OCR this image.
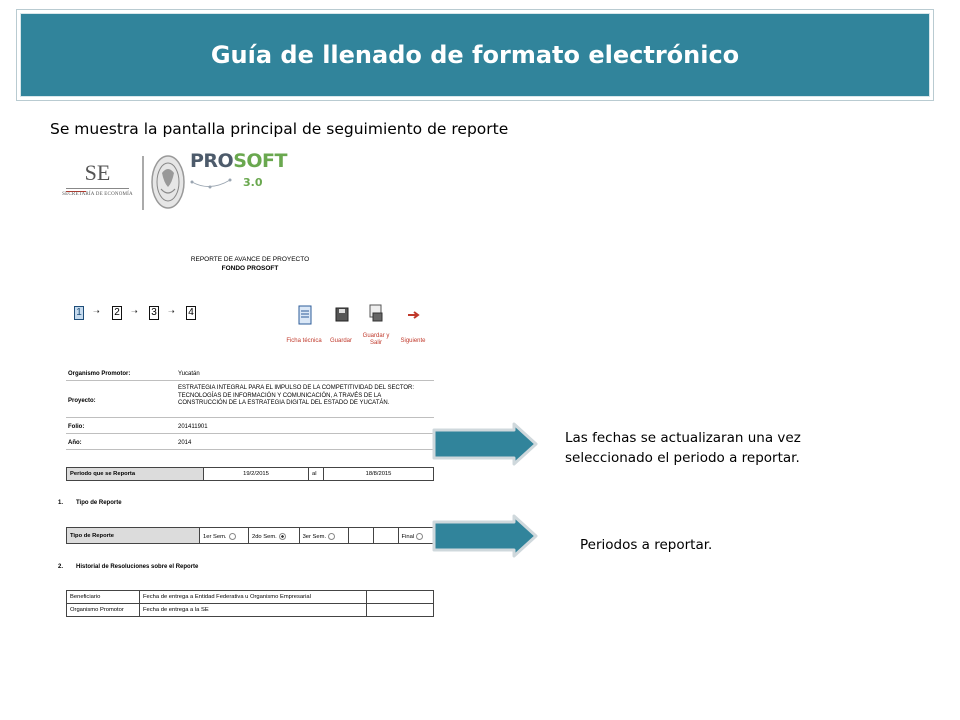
Guía de llenado de formato electrónico
Se muestra la pantalla principal de seguimiento de reporte
SE
SECRETARÍA DE ECONOMÍA
PROSOFT
3.0
REPORTE DE AVANCE DE PROYECTO
FONDO PROSOFT
1 ➝ 2 ➝ 3 ➝ 4
Ficha técnica	Guardar
Guardar y Salir	Siguiente
Organismo Promotor:	Yucatán
Proyecto:
ESTRATEGIA INTEGRAL PARA EL IMPULSO DE LA COMPETITIVIDAD DEL SECTOR: TECNOLOGÍAS DE INFORMACIÓN Y COMUNICACIÓN, A TRAVÉS DE LA CONSTRUCCIÓN DE LA ESTRATEGIA DIGITAL DEL ESTADO DE YUCATÁN.
Folio:	201411901
Año:	2014
Periodo que se Reporta	19/2/2015	al	18/8/2015
1. Tipo de Reporte
Tipo de Reporte	1er Sem.	2do Sem.	3er Sem.			Final
2. Historial de Resoluciones sobre el Reporte
Beneficiario	Fecha de entrega a Entidad Federativa u Organismo Empresarial	
Organismo Promotor	Fecha de entrega a la SE	
Las fechas se actualizaran una vez
seleccionado el periodo a reportar.
Periodos a reportar.
